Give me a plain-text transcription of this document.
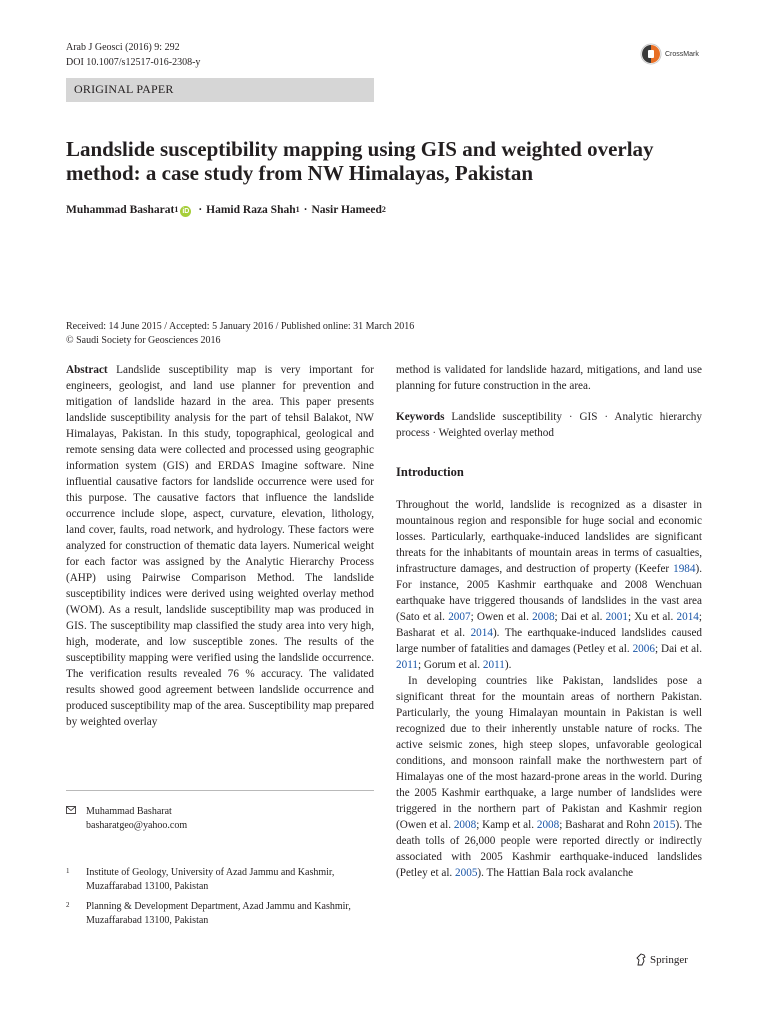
Arab J Geosci (2016) 9: 292
DOI 10.1007/s12517-016-2308-y
CrossMark
ORIGINAL PAPER
Landslide susceptibility mapping using GIS and weighted overlay method: a case study from NW Himalayas, Pakistan
Muhammad Basharat$^1$ iD · Hamid Raza Shah$^1$ · Nasir Hameed$^2$
Received: 14 June 2015 / Accepted: 5 January 2016 / Published online: 31 March 2016
© Saudi Society for Geosciences 2016

Abstract Landslide susceptibility map is very important for engineers, geologist, and land use planner for prevention and mitigation of landslide hazard in the area. This paper presents landslide susceptibility analysis for the part of tehsil Balakot, NW Himalayas, Pakistan. In this study, topographical, geological and remote sensing data were collected and processed using geographic information system (GIS) and ERDAS Imagine software. Nine influential causative factors for landslide occurrence were used for this purpose. The causative factors that influence the landslide occurrence include slope, aspect, curvature, elevation, lithology, land cover, faults, road network, and hydrology. These factors were analyzed for construction of thematic data layers. Numerical weight for each factor was assigned by the Analytic Hierarchy Process (AHP) using Pairwise Comparison Method. The landslide susceptibility indices were derived using weighted overlay method (WOM). As a result, landslide susceptibility map was produced in GIS. The susceptibility map classified the study area into very high, high, moderate, and low susceptible zones. The results of the susceptibility mapping were verified using the landslide occurrence. The verification results revealed 76 % accuracy. The validated results showed good agreement between landslide occurrence and produced susceptibility map of the area. Susceptibility map prepared by weighted overlay

method is validated for landslide hazard, mitigations, and land use planning for future construction in the area.

Keywords Landslide susceptibility · GIS · Analytic hierarchy process · Weighted overlay method

Introduction

Throughout the world, landslide is recognized as a disaster in mountainous region and responsible for huge social and economic losses. Particularly, earthquake-induced landslides are significant threats for the inhabitants of mountain areas in terms of casualties, infrastructure damages, and destruction of property (Keefer 1984). For instance, 2005 Kashmir earthquake and 2008 Wenchuan earthquake have triggered thousands of landslides in the vast area (Sato et al. 2007; Owen et al. 2008; Dai et al. 2001; Xu et al. 2014; Basharat et al. 2014). The earthquake-induced landslides caused large number of fatalities and damages (Petley et al. 2006; Dai et al. 2011; Gorum et al. 2011).

In developing countries like Pakistan, landslides pose a significant threat for the mountain areas of northern Pakistan. Particularly, the young Himalayan mountain in Pakistan is well recognized due to their inherently unstable nature of rocks. The active seismic zones, high steep slopes, unfavorable geological conditions, and monsoon rainfall make the northwestern part of Himalayas one of the most hazard-prone areas in the world. During the 2005 Kashmir earthquake, a large number of landslides were triggered in the northern part of Pakistan and Kashmir region (Owen et al. 2008; Kamp et al. 2008; Basharat and Rohn 2015). The death tolls of 26,000 people were reported directly or indirectly associated with 2005 Kashmir earthquake-induced landslides (Petley et al. 2005). The Hattian Bala rock avalanche

Muhammad Basharat
basharatgeo@yahoo.com
1 Institute of Geology, University of Azad Jammu and Kashmir, Muzaffarabad 13100, Pakistan
2 Planning & Development Department, Azad Jammu and Kashmir, Muzaffarabad 13100, Pakistan
Springer
